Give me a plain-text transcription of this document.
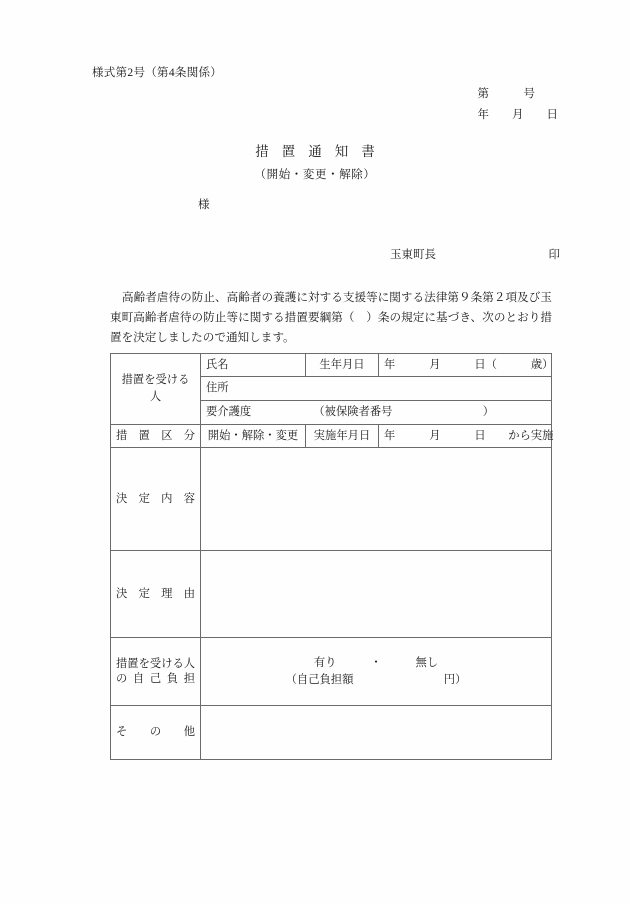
様式第2号（第4条関係）
第　　　号
年　　月　　日
措置通知書
（開始・変更・解除）
様
玉東町長	印
高齢者虐待の防止、高齢者の養護に対する支援等に関する法律第９条第２項及び玉東町高齢者虐待の防止等に関する措置要綱第（　）条の規定に基づき、次のとおり措置を決定しましたので通知します。
措置を受ける人	氏名	生年月日	年　　　月　　　日（　　　歳）

	住所		

	要介護度　　　　　　 （被保険者番号　　　　　　　　）		

措置区分	開始・解除・変更	実施年月日	年　　　月　　　日　　から実施

決定内容			

決定理由			

措置を受ける人
の自己負担	有り　　　・　　　無し
（自己負担額　　　　　　　　円）		

その他			
